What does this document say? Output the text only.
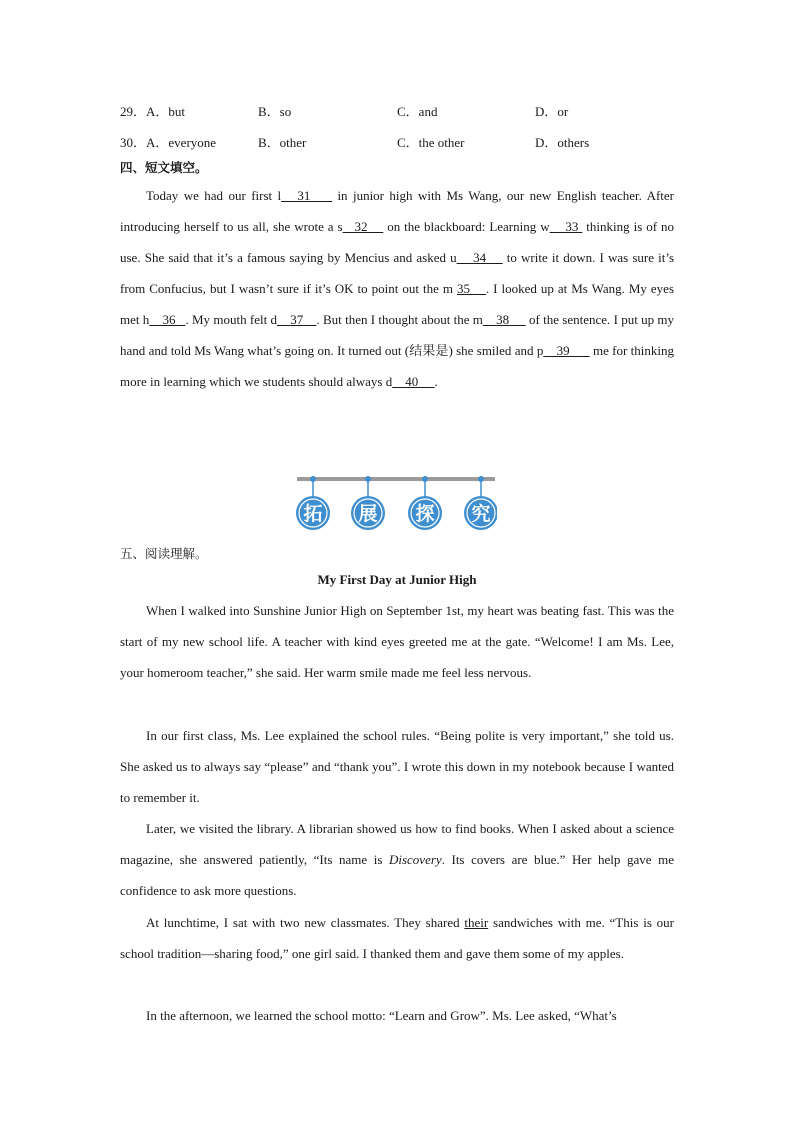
29．A．but	B．so	C．and	D．or
30．A．everyone	B．other	C．the other	D．others
四、短文填空。

Today we had our first l 31     in junior high with Ms Wang, our new English teacher. After introducing herself to us all, she wrote a s 32     on the blackboard: Learning w 33  thinking is of no use. She said that it’s a famous saying by Mencius and asked u 34     to write it down. I was sure it’s from Confucius, but I wasn’t sure if it’s OK to point out the m 35 . I looked up at Ms Wang. My eyes met h 36 . My mouth felt d 37 . But then I thought about the m 38      of the sentence. I put up my hand and told Ms Wang what’s going on. It turned out (结果是) she smiled and p 39       me for thinking more in learning which we students should always d 40 .

拓 展 探 究
五、阅读理解。
My First Day at Junior High

When I walked into Sunshine Junior High on September 1st, my heart was beating fast. This was the start of my new school life. A teacher with kind eyes greeted me at the gate. “Welcome! I am Ms. Lee, your homeroom teacher,” she said. Her warm smile made me feel less nervous.

In our first class, Ms. Lee explained the school rules. “Being polite is very important,” she told us. She asked us to always say “please” and “thank you”. I wrote this down in my notebook because I wanted to remember it.

Later, we visited the library. A librarian showed us how to find books. When I asked about a science magazine, she answered patiently, “Its name is Discovery. Its covers are blue.” Her help gave me confidence to ask more questions.

At lunchtime, I sat with two new classmates. They shared their sandwiches with me. “This is our school tradition—sharing food,” one girl said. I thanked them and gave them some of my apples.

In the afternoon, we learned the school motto: “Learn and Grow”. Ms. Lee asked, “What’s
